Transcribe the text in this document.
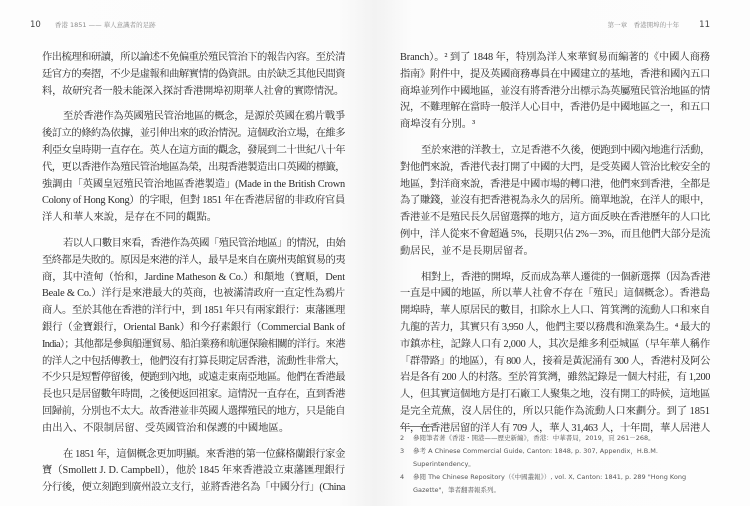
10 香港 1851 —— 華人意識者的足跡
作出梳理和研讀，所以論述不免偏重於殖民管治下的報告內容。至於清
廷官方的奏摺，不少是虛報和曲解實情的偽資訊。由於缺乏其他民間資
料，故研究者一般未能深入探討香港開埠初期華人社會的實際情況。
至於香港作為英國殖民管治地區的概念，是源於英國在鴉片戰爭
後訂立的條約為依據，並引伸出來的政治情況。這個政治立場，在維多
利亞女皇時期一直存在。英人在這方面的觀念，發展到二十世紀八十年
代，更以香港作為殖民管治地區為榮，出現香港製造出口英國的標籤，
強調由「英國皇冠殖民管治地區香港製造」(Made in the British Crown
Colony of Hong Kong）的字眼，但對 1851 年在香港居留的非政府官員
洋人和華人來說，是存在不同的觀點。
若以人口數目來看，香港作為英國「殖民管治地區」的情況，由始
至終都是失敗的。原因是來港的洋人，最早是來自在廣州夷館貿易的夷
商，其中渣甸（怡和，Jardine Matheson & Co.）和顛地（寶順，Dent
Beale & Co.）洋行是來港最大的英商，也被滿清政府一直定性為鴉片
商人。至於其他在香港的洋行中，到 1851 年只有兩家銀行：東藩匯理
銀行（金寶銀行，Oriental Bank）和今孖素銀行（Commercial Bank of
India）；其他都是參與船運貿易、船泊業務和航運保險相關的洋行。來港
的洋人之中包括傳教士，他們沒有打算長期定居香港，流動性非常大，
不少只是短暫停留後，便跑到內地，或遠走東南亞地區。他們在香港最
長也只是居留數年時間，之後便返回祖家。這情況一直存在，直到香港
回歸前，分別也不太大。故香港並非英國人選擇殖民的地方，只是能自
由出入、不限制居留、受英國管治和保護的中國地區。
在 1851 年，這個概念更加明顯。來香港的第一位蘇格蘭銀行家金
寶（Smollett J. D. Campbell），他於 1845 年來香港設立東藩匯理銀行
分行後，便立刻跑到廣州設立支行，並將香港名為「中國分行」(China
第一章　香港開埠的十年 11
Branch）。² 到了 1848 年，特別為洋人來華貿易而編著的《中國人商務
指南》附件中，提及英國商務專員在中國建立的基地，香港和國內五口
商埠並列作中國地區，並沒有將香港分出標示為英屬殖民管治地區的情
況，不難理解在當時一般洋人心目中，香港仍是中國地區之一，和五口
商埠沒有分別。³
至於來港的洋教士，立足香港不久後，便跑到中國內地進行活動，
對他們來說，香港代表打開了中國的大門，是受英國人管治比較安全的
地區，對洋商來說，香港是中國市場的轉口港，他們來到香港，全都是
為了賺錢，並沒有把香港視為永久的居所。簡單地說，在洋人的眼中，
香港並不是殖民長久居留選擇的地方，這方面反映在香港歷年的人口比
例中，洋人從來不會超過 5%，長期只佔 2%－3%，而且他們大部分是流
動居民，並不是長期居留者。
相對上，香港的開埠，反而成為華人遷徙的一個新選擇（因為香港
一直是中國的地區，所以華人社會不存在「殖民」這個概念）。香港島
開埠時，華人原居民的數目，扣除水上人口、筲箕灣的流動人口和來自
九龍的苦力，其實只有 3,950 人，他們主要以務農和漁業為生。⁴ 最大的
市鎮赤柱，記錄人口有 2,000 人，其次是維多利亞城區（早年華人稱作
「群帶路」的地區），有 800 人，接着是黃泥涌有 300 人，香港村及阿公
岩是各有 200 人的村落。至於筲箕灣，雖然記錄是一個大村莊，有 1,200
人，但其實這個地方是打石廠工人聚集之地，沒有開工的時候，這地區
是完全荒蕪，沒人居住的，所以只能作為流動人口來劃分。到了 1851
年，在香港居留的洋人有 709 人，華人 31,463 人，十年間，華人居港人
2	參閱筆者著《香港・開港——歷史新編》，香港：中華書局，2019，頁 261－268。
3	參考 A Chinese Commercial Guide, Canton: 1848, p. 307, Appendix，H.B.M. Superintendency。
4	參閱 The Chinese Repository（《中國叢報》）, vol. X, Canton: 1841, p. 289 "Hong Kong Gazette"，筆者翻書報系列。
